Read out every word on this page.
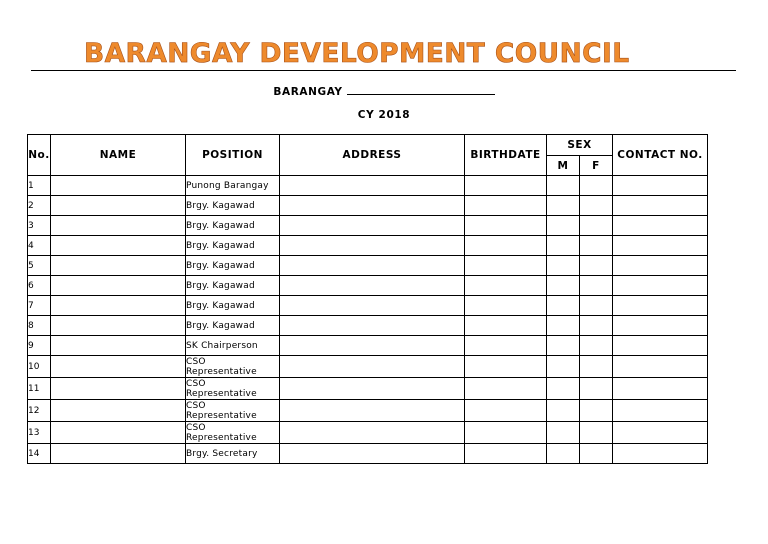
BARANGAY DEVELOPMENT COUNCIL
BARANGAY
CY 2018
No.	NAME	POSITION	ADDRESS	BIRTHDATE	SEX		CONTACT NO.
					M	F	
1		Punong Barangay					
2		Brgy. Kagawad					
3		Brgy. Kagawad					
4		Brgy. Kagawad					
5		Brgy. Kagawad					
6		Brgy. Kagawad					
7		Brgy. Kagawad					
8		Brgy. Kagawad					
9		SK Chairperson					
10		CSO Representative					
11		CSO Representative					
12		CSO Representative					
13		CSO Representative					
14		Brgy. Secretary					
